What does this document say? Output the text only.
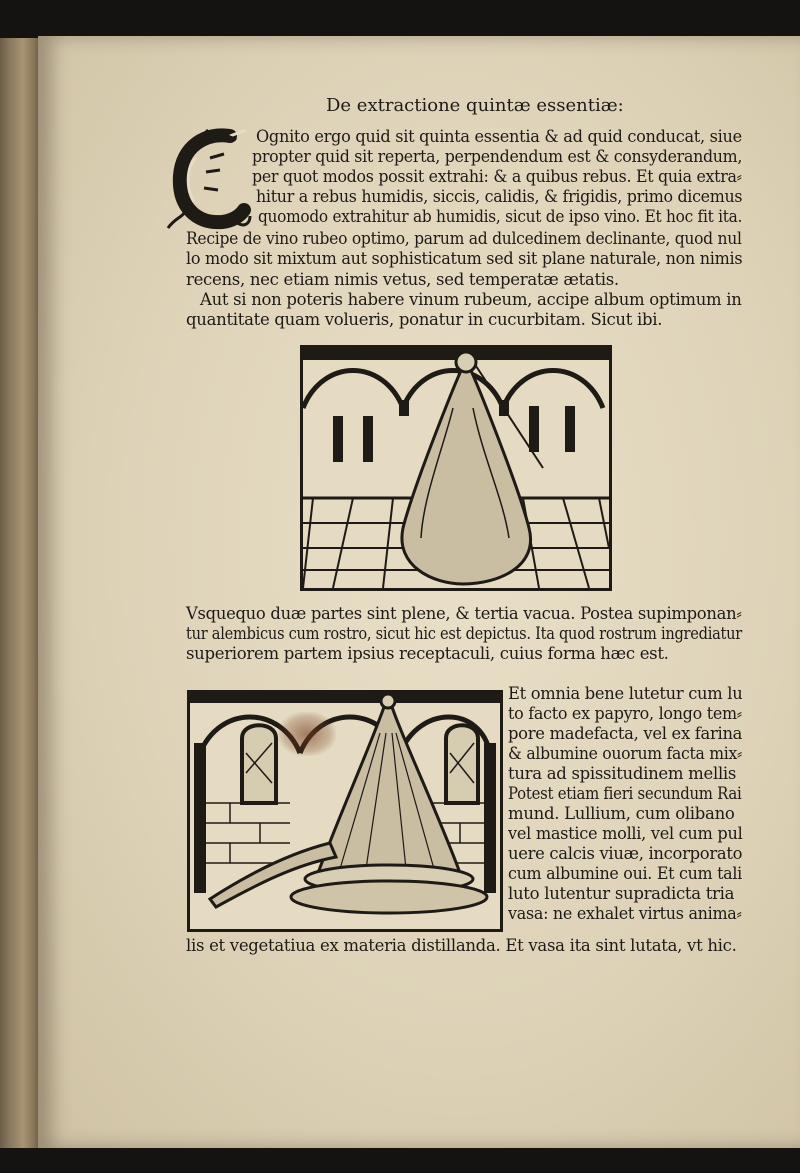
De extractione quintæ essentiæ:
Ognito ergo quid sit quinta essentia & ad quid conducat, siue
propter quid sit reperta, perpendendum est & consyderandum,
per quot modos possit extrahi: & a quibus rebus. Et quia extra⸗
hitur a rebus humidis, siccis, calidis, & frigidis, primo dicemus
quomodo extrahitur ab humidis, sicut de ipso vino. Et hoc fit ita.
Recipe de vino rubeo optimo, parum ad dulcedinem declinante, quod nul
lo modo sit mixtum aut sophisticatum sed sit plane naturale, non nimis
recens, nec etiam nimis vetus, sed temperatæ ætatis.
Aut si non poteris habere vinum rubeum, accipe album optimum in
quantitate quam volueris, ponatur in cucurbitam. Sicut ibi.
Vsquequo duæ partes sint plene, & tertia vacua. Postea supimponan⸗
tur alembicus cum rostro, sicut hic est depictus. Ita quod rostrum ingrediatur
superiorem partem ipsius receptaculi, cuius forma hæc est.
Et omnia bene lutetur cum lu
to facto ex papyro, longo tem⸗
pore madefacta, vel ex farina
& albumine ouorum facta mix⸗
tura ad spissitudinem mellis
Potest etiam fieri secundum Rai
mund. Lullium, cum olibano
vel mastice molli, vel cum pul
uere calcis viuæ, incorporato
cum albumine oui. Et cum tali
luto lutentur supradicta tria
vasa: ne exhalet virtus anima⸗
lis et vegetatiua ex materia distillanda. Et vasa ita sint lutata, vt hic.
